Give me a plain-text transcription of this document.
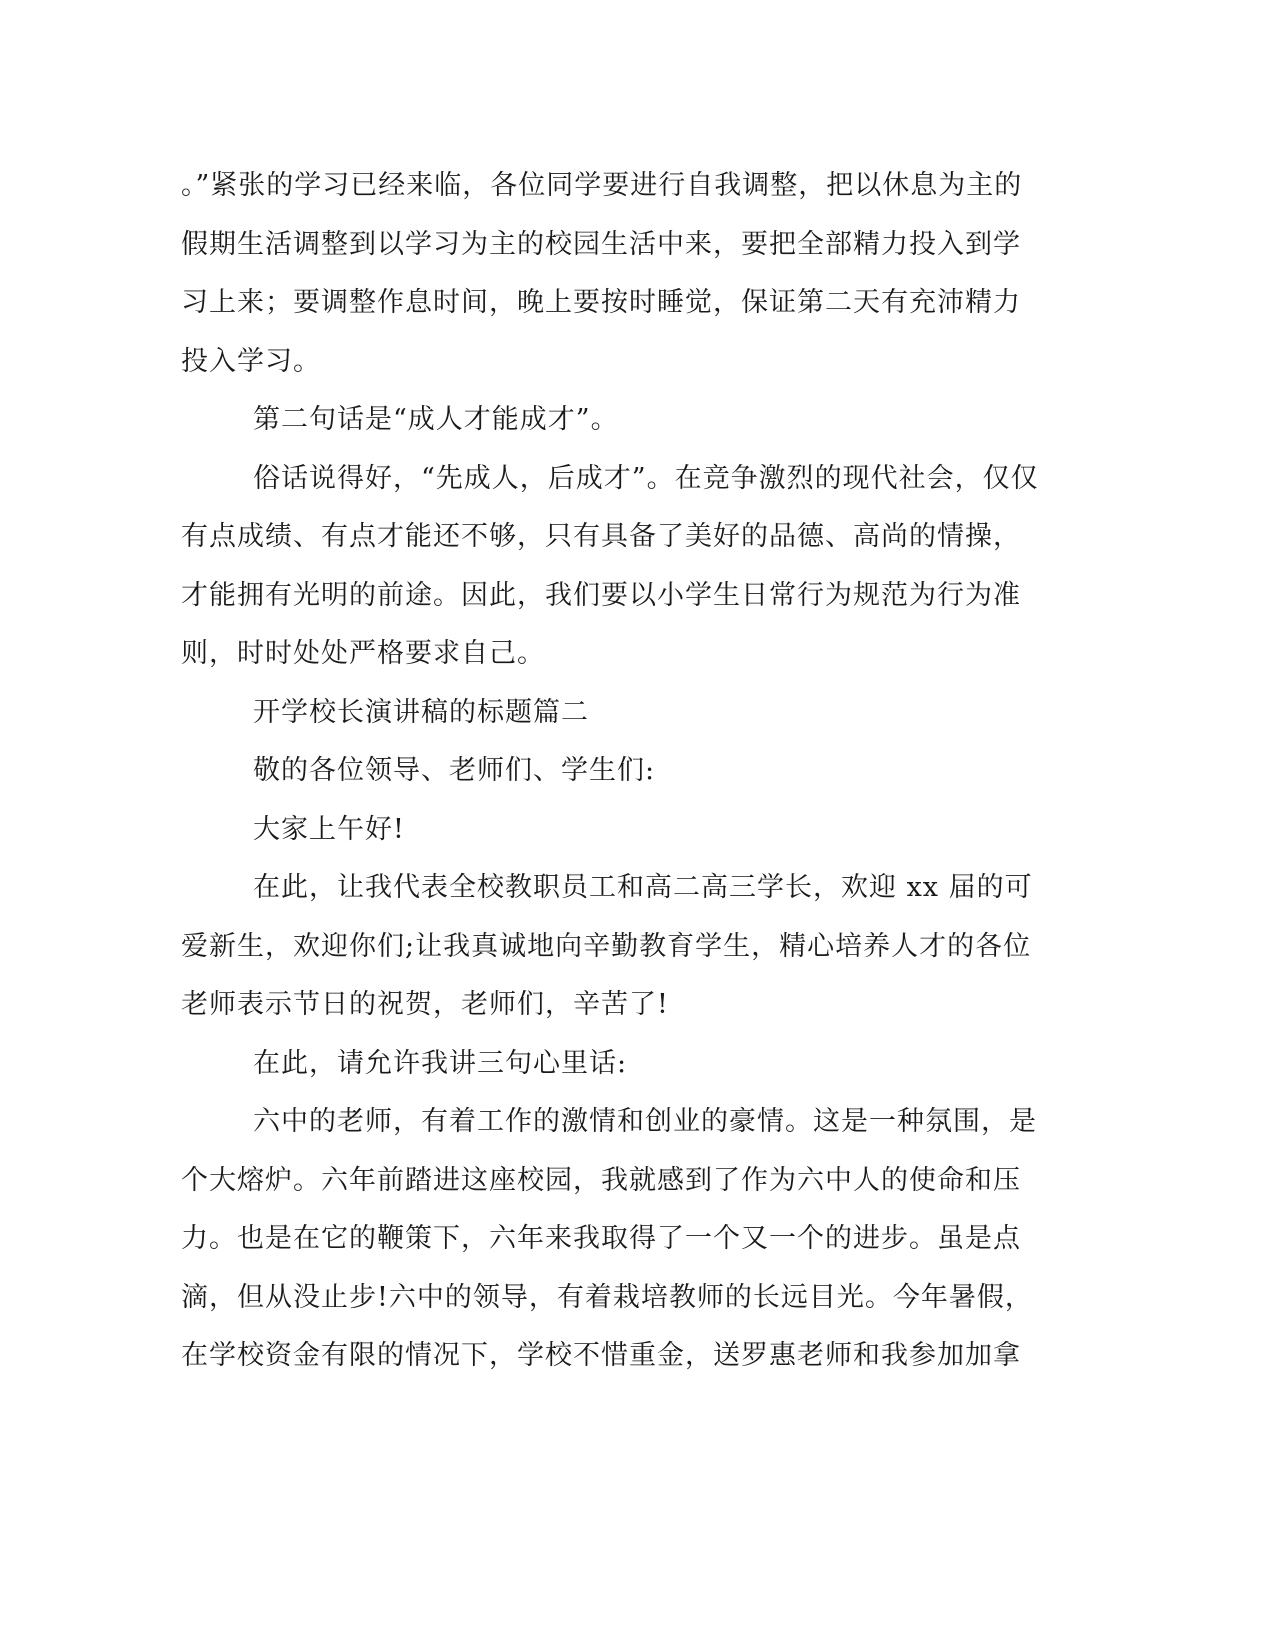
。”紧张的学习已经来临，各位同学要进行自我调整，把以休息为主的
假期生活调整到以学习为主的校园生活中来，要把全部精力投入到学
习上来；要调整作息时间，晚上要按时睡觉，保证第二天有充沛精力
投入学习。
第二句话是“成人才能成才”。
俗话说得好，“先成人，后成才”。在竞争激烈的现代社会，仅仅
有点成绩、有点才能还不够，只有具备了美好的品德、高尚的情操，
才能拥有光明的前途。因此，我们要以小学生日常行为规范为行为准
则，时时处处严格要求自己。
开学校长演讲稿的标题篇二
敬的各位领导、老师们、学生们:
大家上午好!
在此，让我代表全校教职员工和高二高三学长，欢迎 xx 届的可
爱新生，欢迎你们;让我真诚地向辛勤教育学生，精心培养人才的各位
老师表示节日的祝贺，老师们，辛苦了!
在此，请允许我讲三句心里话:
六中的老师，有着工作的激情和创业的豪情。这是一种氛围，是
个大熔炉。六年前踏进这座校园，我就感到了作为六中人的使命和压
力。也是在它的鞭策下，六年来我取得了一个又一个的进步。虽是点
滴，但从没止步!六中的领导，有着栽培教师的长远目光。今年暑假，
在学校资金有限的情况下，学校不惜重金，送罗惠老师和我参加加拿
